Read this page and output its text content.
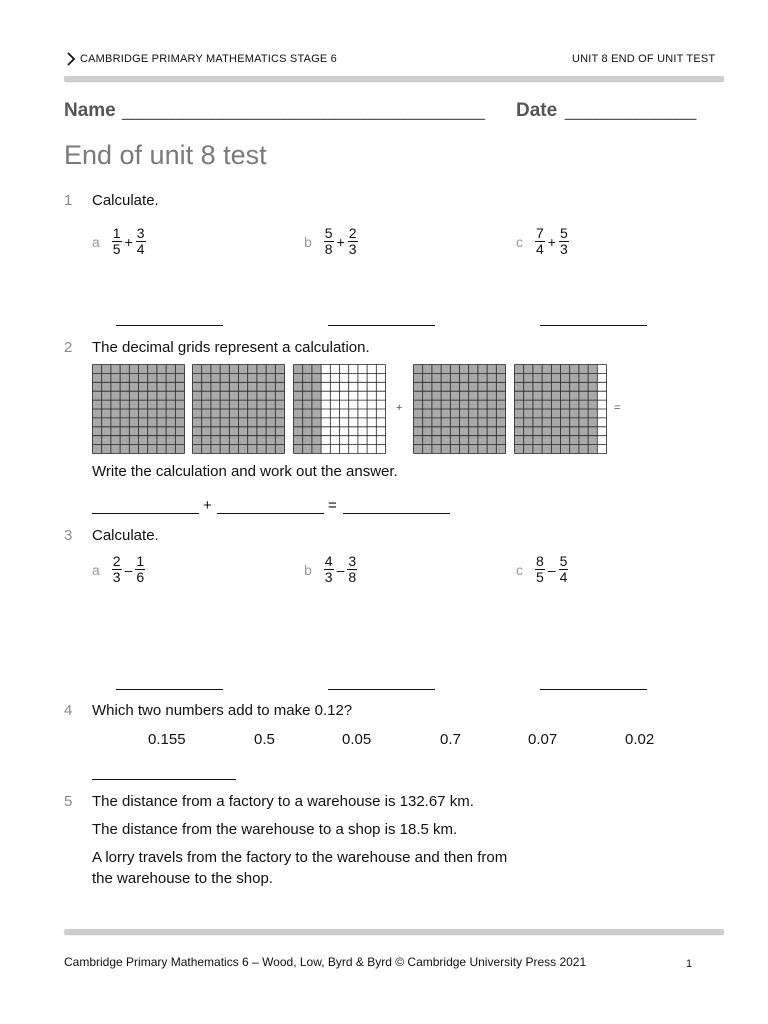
CAMBRIDGE PRIMARY MATHEMATICS STAGE 6	UNIT 8 END OF UNIT TEST
Name ____________________________________ Date _____________
End of unit 8 test
1 Calculate.
a $\frac{1}{5} + \frac{3}{4}$	b $\frac{5}{8} + \frac{2}{3}$	c $\frac{7}{4} + \frac{5}{3}$
2 The decimal grids represent a calculation.
+	=
Write the calculation and work out the answer.
+	=
3 Calculate.
a $\frac{2}{3} - \frac{1}{6}$	b $\frac{4}{3} - \frac{3}{8}$	c $\frac{8}{5} - \frac{5}{4}$
4 Which two numbers add to make 0.12?
0.155	0.5	0.05	0.7	0.07	0.02
5 The distance from a factory to a warehouse is 132.67 km.
The distance from the warehouse to a shop is 18.5 km.
A lorry travels from the factory to the warehouse and then from
the warehouse to the shop.
Cambridge Primary Mathematics 6 – Wood, Low, Byrd & Byrd © Cambridge University Press 2021	1
